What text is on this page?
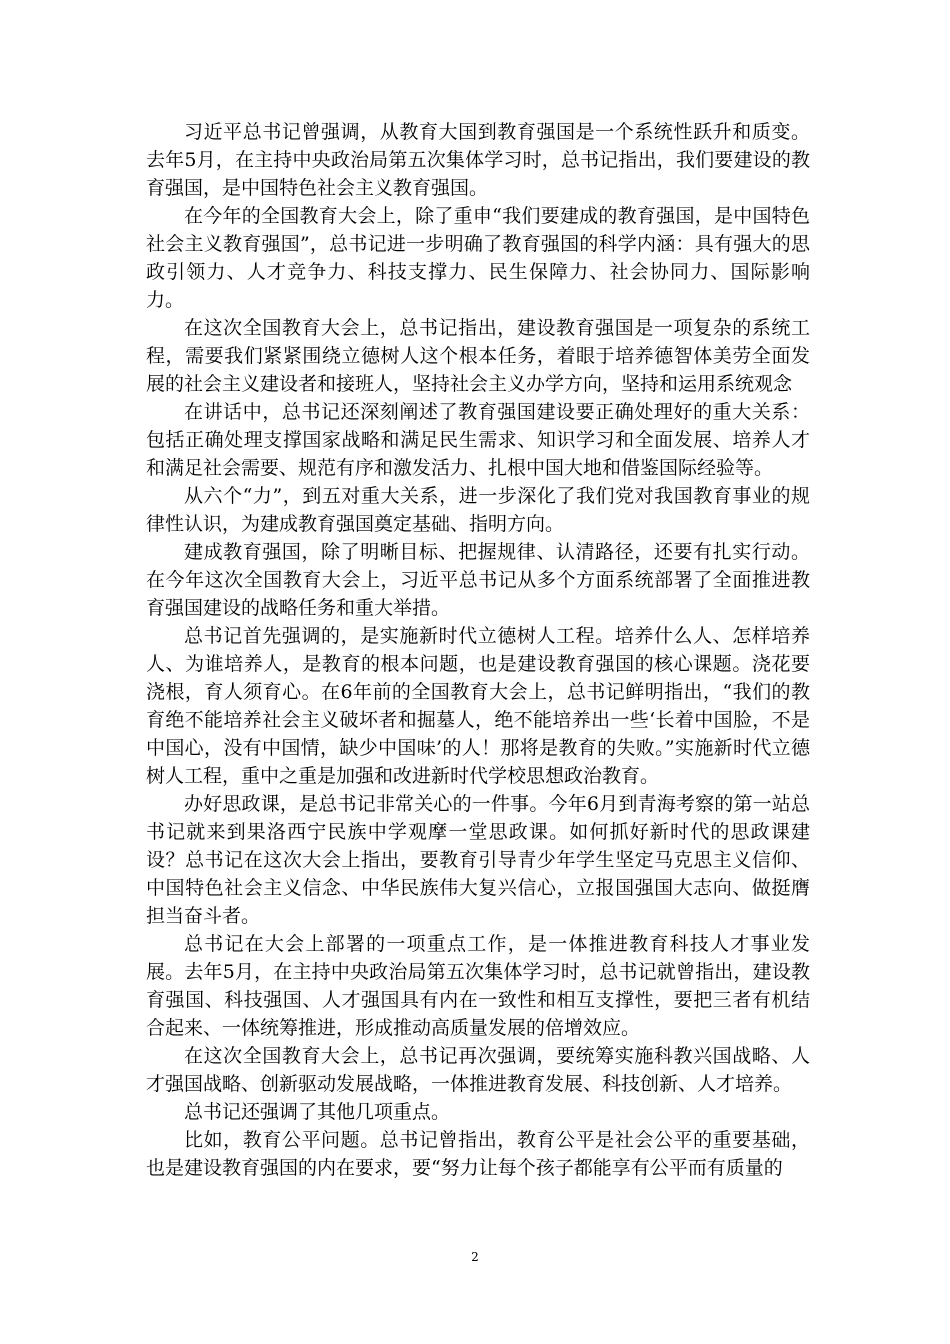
习近平总书记曾强调，从教育大国到教育强国是一个系统性跃升和质变。去年5月，在主持中央政治局第五次集体学习时，总书记指出，我们要建设的教育强国，是中国特色社会主义教育强国。

在今年的全国教育大会上，除了重申“我们要建成的教育强国，是中国特色社会主义教育强国”，总书记进一步明确了教育强国的科学内涵：具有强大的思政引领力、人才竞争力、科技支撑力、民生保障力、社会协同力、国际影响力。

在这次全国教育大会上，总书记指出，建设教育强国是一项复杂的系统工程，需要我们紧紧围绕立德树人这个根本任务，着眼于培养德智体美劳全面发展的社会主义建设者和接班人，坚持社会主义办学方向，坚持和运用系统观念

在讲话中，总书记还深刻阐述了教育强国建设要正确处理好的重大关系：包括正确处理支撑国家战略和满足民生需求、知识学习和全面发展、培养人才和满足社会需要、规范有序和激发活力、扎根中国大地和借鉴国际经验等。

从六个“力”，到五对重大关系，进一步深化了我们党对我国教育事业的规律性认识，为建成教育强国奠定基础、指明方向。

建成教育强国，除了明晰目标、把握规律、认清路径，还要有扎实行动。在今年这次全国教育大会上，习近平总书记从多个方面系统部署了全面推进教育强国建设的战略任务和重大举措。

总书记首先强调的，是实施新时代立德树人工程。培养什么人、怎样培养人、为谁培养人，是教育的根本问题，也是建设教育强国的核心课题。浇花要浇根，育人须育心。在6年前的全国教育大会上，总书记鲜明指出，“我们的教育绝不能培养社会主义破坏者和掘墓人，绝不能培养出一些‘长着中国脸，不是中国心，没有中国情，缺少中国味’的人！那将是教育的失败。”实施新时代立德树人工程，重中之重是加强和改进新时代学校思想政治教育。

办好思政课，是总书记非常关心的一件事。今年6月到青海考察的第一站总书记就来到果洛西宁民族中学观摩一堂思政课。如何抓好新时代的思政课建设？总书记在这次大会上指出，要教育引导青少年学生坚定马克思主义信仰、中国特色社会主义信念、中华民族伟大复兴信心，立报国强国大志向、做挺膺担当奋斗者。

总书记在大会上部署的一项重点工作，是一体推进教育科技人才事业发展。去年5月，在主持中央政治局第五次集体学习时，总书记就曾指出，建设教育强国、科技强国、人才强国具有内在一致性和相互支撑性，要把三者有机结合起来、一体统筹推进，形成推动高质量发展的倍增效应。

在这次全国教育大会上，总书记再次强调，要统筹实施科教兴国战略、人才强国战略、创新驱动发展战略，一体推进教育发展、科技创新、人才培养。

总书记还强调了其他几项重点。

比如，教育公平问题。总书记曾指出，教育公平是社会公平的重要基础，也是建设教育强国的内在要求，要“努力让每个孩子都能享有公平而有质量的

2
